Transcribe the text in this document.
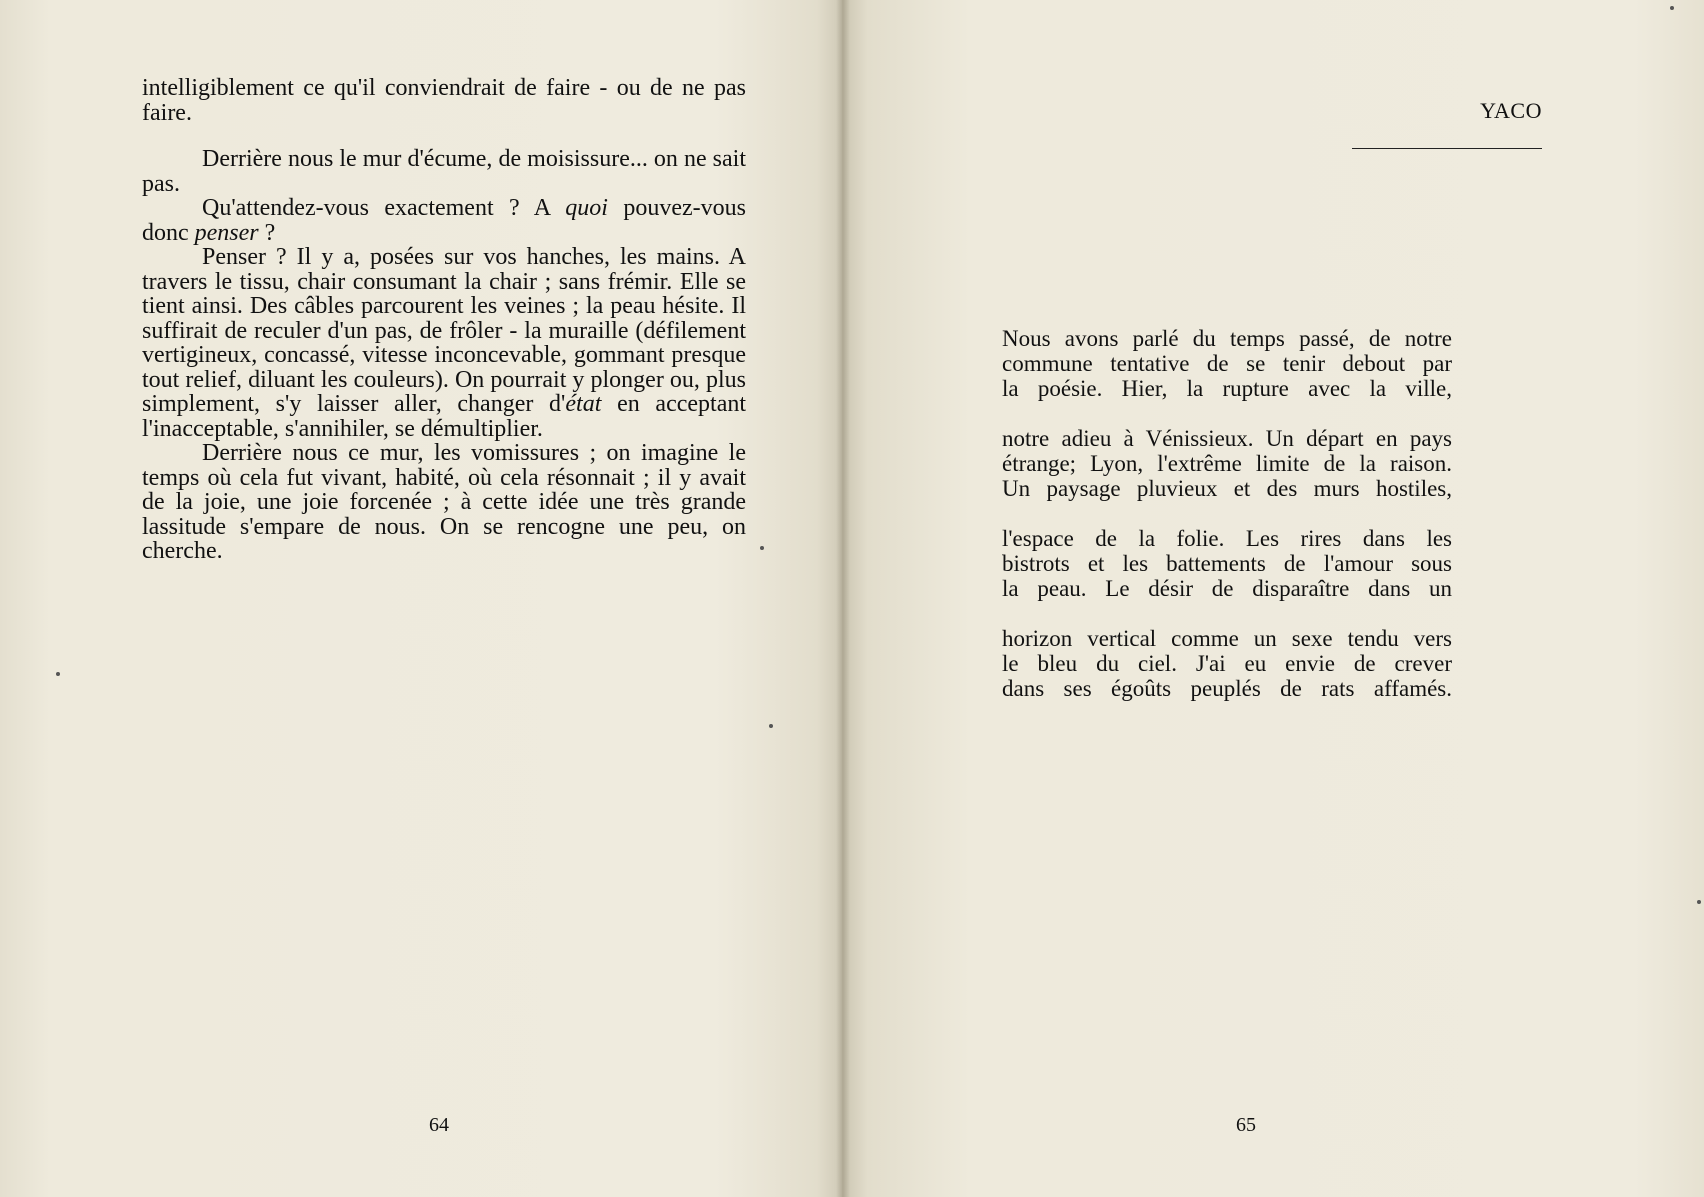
intelligiblement ce qu'il conviendrait de faire - ou de ne pas faire.

Derrière nous le mur d'écume, de moisissure... on ne sait pas.

Qu'attendez-vous exactement ? A quoi pouvez-vous donc penser ?

Penser ? Il y a, posées sur vos hanches, les mains. A travers le tissu, chair consumant la chair ; sans frémir. Elle se tient ainsi. Des câbles parcourent les veines ; la peau hésite. Il suffirait de reculer d'un pas, de frôler - la muraille (défilement vertigineux, concassé, vitesse inconcevable, gommant presque tout relief, diluant les couleurs). On pourrait y plonger ou, plus simplement, s'y laisser aller, changer d'état en acceptant l'inacceptable, s'annihiler, se démultiplier.

Derrière nous ce mur, les vomissures ; on imagine le temps où cela fut vivant, habité, où cela résonnait ; il y avait de la joie, une joie forcenée ; à cette idée une très grande lassitude s'empare de nous. On se rencogne une peu, on cherche.

64
YACO
Nous avons parlé du temps passé, de notre
commune tentative de se tenir debout par
la poésie. Hier, la rupture avec la ville,
notre adieu à Vénissieux. Un départ en pays
étrange; Lyon, l'extrême limite de la raison.
Un paysage pluvieux et des murs hostiles,
l'espace de la folie. Les rires dans les
bistrots et les battements de l'amour sous
la peau. Le désir de disparaître dans un
horizon vertical comme un sexe tendu vers
le bleu du ciel. J'ai eu envie de crever
dans ses égoûts peuplés de rats affamés.
65
